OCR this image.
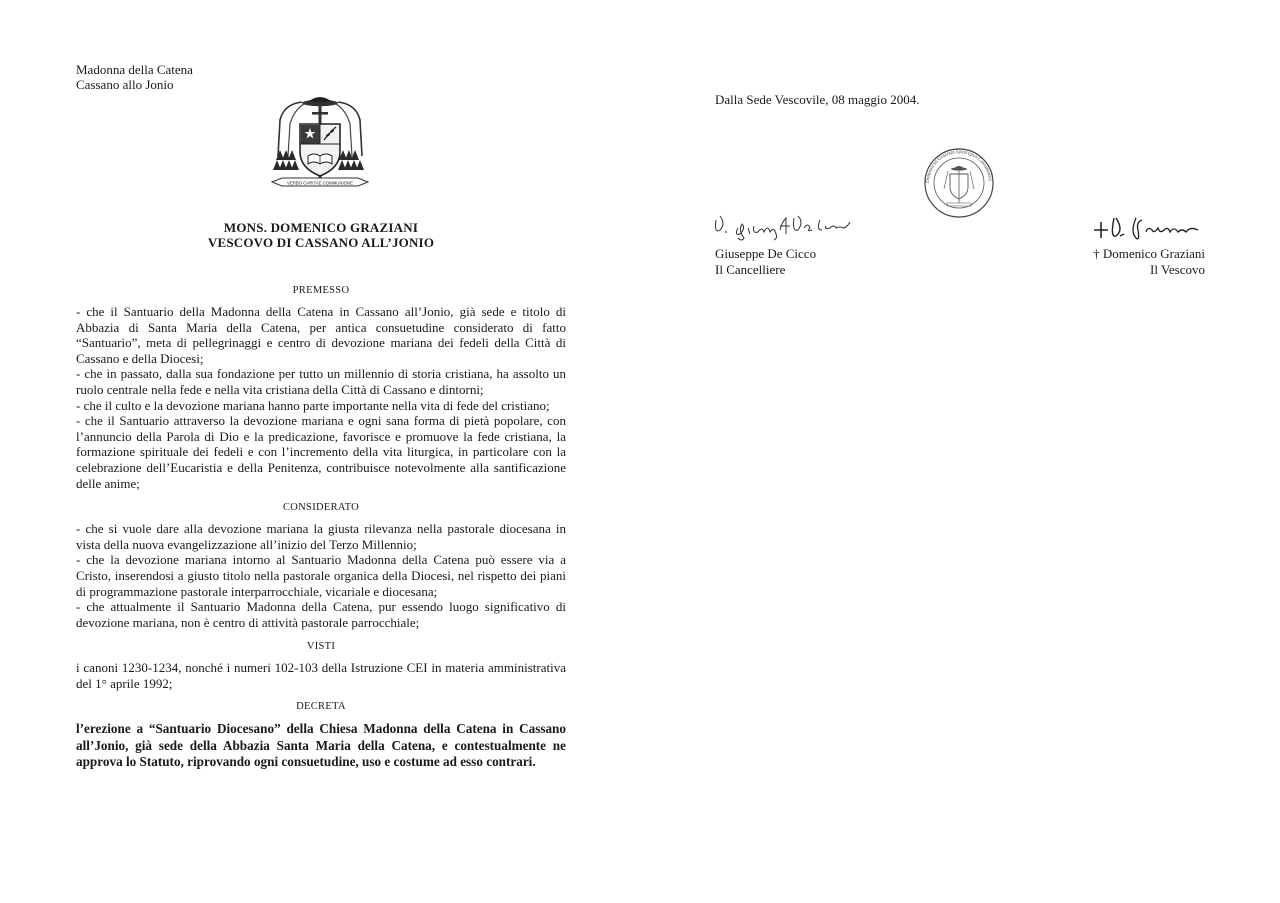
Madonna della Catena
Cassano allo Jonio
VERBO CARITAE COMMUNIONE
MONS. DOMENICO GRAZIANI
VESCOVO DI CASSANO ALL’JONIO

PREMESSO

- che il Santuario della Madonna della Catena in Cassano all’Jonio, già sede e titolo di Abbazia di Santa Maria della Catena, per antica consuetudine considerato di fatto “Santuario”, meta di pellegrinaggi e centro di devozione mariana dei fedeli della Città di Cassano e della Diocesi;
- che in passato, dalla sua fondazione per tutto un millennio di storia cristiana, ha assolto un ruolo centrale nella fede e nella vita cristiana della Città di Cassano e dintorni;
- che il culto e la devozione mariana hanno parte importante nella vita di fede del cristiano;
- che il Santuario attraverso la devozione mariana e ogni sana forma di pietà popolare, con l’annuncio della Parola di Dio e la predicazione, favorisce e promuove la fede cristiana, la formazione spirituale dei fedeli e con l’incremento della vita liturgica, in particolare con la celebrazione dell’Eucaristia e della Penitenza, contribuisce notevolmente alla santificazione delle anime;

CONSIDERATO

- che si vuole dare alla devozione mariana la giusta rilevanza nella pastorale diocesana in vista della nuova evangelizzazione all’inizio del Terzo Millennio;
- che la devozione mariana intorno al Santuario Madonna della Catena può essere via a Cristo, inserendosi a giusto titolo nella pastorale organica della Diocesi, nel rispetto dei piani di programmazione pastorale interparrocchiale, vicariale e diocesana;
- che attualmente il Santuario Madonna della Catena, pur essendo luogo significativo di devozione mariana, non è centro di attività pastorale parrocchiale;

VISTI

i canoni 1230-1234, nonché i numeri 102-103 della Istruzione CEI in materia amministrativa del 1° aprile 1992;

DECRETA

l’erezione a “Santuario Diocesano” della Chiesa Madonna della Catena in Cassano all’Jonio, già sede della Abbazia Santa Maria della Catena, e contestualmente ne approva lo Statuto, riprovando ogni consuetudine, uso e costume ad esso contrari.

Dalla Sede Vescovile, 08 maggio 2004.
Domenicus Graziani Episcopus Cassanensis
Giuseppe De Cicco
Il Cancelliere
† Domenico Graziani
Il Vescovo
